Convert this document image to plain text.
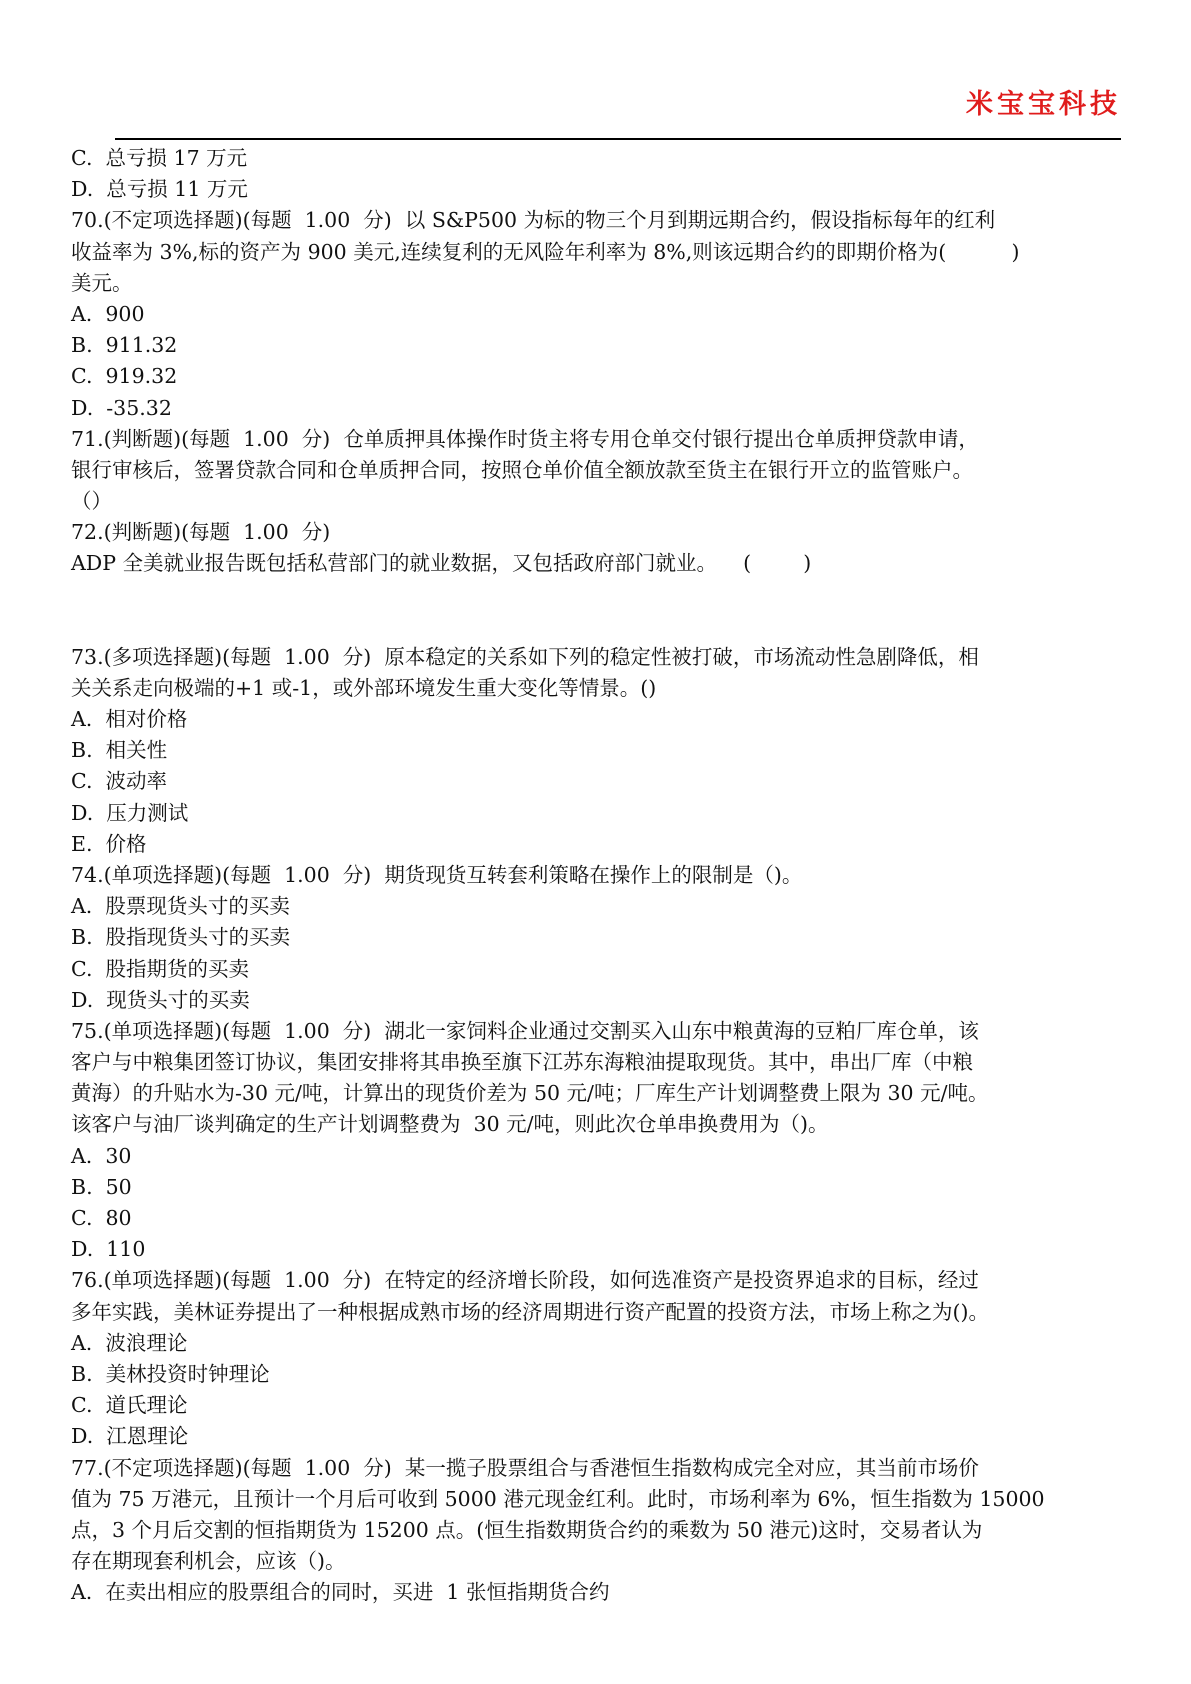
米宝宝科技
C.  总亏损 17 万元
D.  总亏损 11 万元
70.(不定项选择题)(每题  1.00  分)  以 S&P500 为标的物三个月到期远期合约，假设指标每年的红利
收益率为 3%,标的资产为 900 美元,连续复利的无风险年利率为 8%,则该远期合约的即期价格为(          )
美元。
A.  900
B.  911.32
C.  919.32
D.  -35.32
71.(判断题)(每题  1.00  分)  仓单质押具体操作时货主将专用仓单交付银行提出仓单质押贷款申请，
银行审核后，签署贷款合同和仓单质押合同，按照仓单价值全额放款至货主在银行开立的监管账户。
（）
72.(判断题)(每题  1.00  分)
ADP 全美就业报告既包括私营部门的就业数据，又包括政府部门就业。    (        )
73.(多项选择题)(每题  1.00  分)  原本稳定的关系如下列的稳定性被打破，市场流动性急剧降低，相
关关系走向极端的+1 或-1，或外部环境发生重大变化等情景。()
A.  相对价格
B.  相关性
C.  波动率
D.  压力测试
E.  价格
74.(单项选择题)(每题  1.00  分)  期货现货互转套利策略在操作上的限制是（)。
A.  股票现货头寸的买卖
B.  股指现货头寸的买卖
C.  股指期货的买卖
D.  现货头寸的买卖
75.(单项选择题)(每题  1.00  分)  湖北一家饲料企业通过交割买入山东中粮黄海的豆粕厂库仓单，该
客户与中粮集团签订协议，集团安排将其串换至旗下江苏东海粮油提取现货。其中，串出厂库（中粮
黄海）的升贴水为-30 元/吨，计算出的现货价差为 50 元/吨；厂库生产计划调整费上限为 30 元/吨。
该客户与油厂谈判确定的生产计划调整费为  30 元/吨，则此次仓单串换费用为（)。
A.  30
B.  50
C.  80
D.  110
76.(单项选择题)(每题  1.00  分)  在特定的经济增长阶段，如何选准资产是投资界追求的目标，经过
多年实践，美林证券提出了一种根据成熟市场的经济周期进行资产配置的投资方法，市场上称之为()。
A.  波浪理论
B.  美林投资时钟理论
C.  道氏理论
D.  江恩理论
77.(不定项选择题)(每题  1.00  分)  某一揽子股票组合与香港恒生指数构成完全对应，其当前市场价
值为 75 万港元，且预计一个月后可收到 5000 港元现金红利。此时，市场利率为 6%，恒生指数为 15000
点，3 个月后交割的恒指期货为 15200 点。(恒生指数期货合约的乘数为 50 港元)这时，交易者认为
存在期现套利机会，应该（)。
A.  在卖出相应的股票组合的同时，买进  1 张恒指期货合约
